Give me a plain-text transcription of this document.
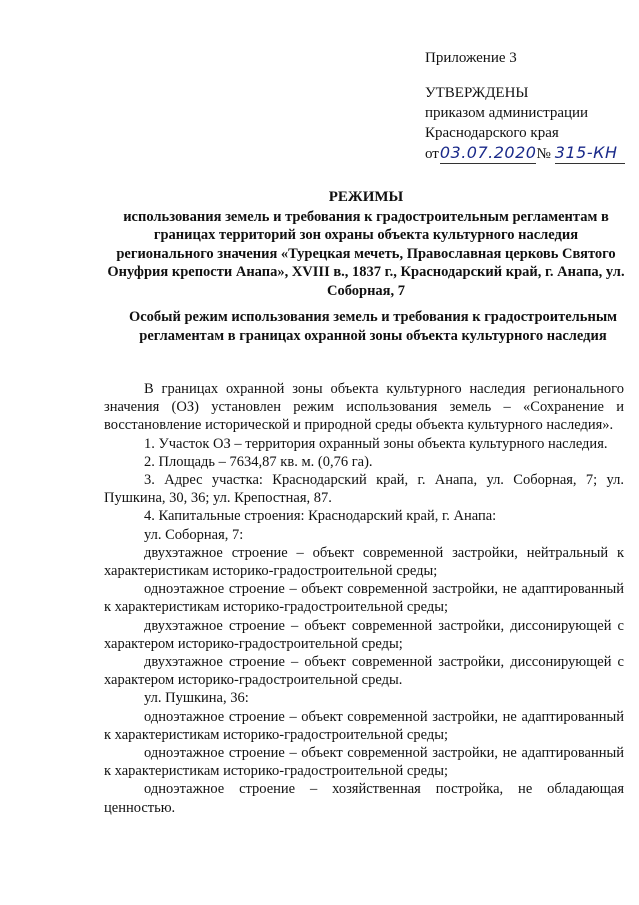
Приложение 3
УТВЕРЖДЕНЫ
приказом администрации
Краснодарского края
от03.07.2020№ 315-КН
РЕЖИМЫ
использования земель и требования к градостроительным регламентам в границах территорий зон охраны объекта культурного наследия регионального значения «Турецкая мечеть, Православная церковь Святого Онуфрия крепости Анапа», XVIII в., 1837 г., Краснодарский край, г. Анапа, ул. Соборная, 7
Особый режим использования земель и требования к градостроительным регламентам в границах охранной зоны объекта культурного наследия

В границах охранной зоны объекта культурного наследия регионального значения (ОЗ) установлен режим использования земель – «Сохранение и восстановление исторической и природной среды объекта культурного наследия».

1. Участок ОЗ – территория охранный зоны объекта культурного наследия.

2. Площадь – 7634,87 кв. м. (0,76 га).

3. Адрес участка: Краснодарский край, г. Анапа, ул. Соборная, 7; ул. Пушкина, 30, 36; ул. Крепостная, 87.

4. Капитальные строения: Краснодарский край, г. Анапа:

ул. Соборная, 7:

двухэтажное строение – объект современной застройки, нейтральный к характеристикам историко-градостроительной среды;

одноэтажное строение – объект современной застройки, не адаптированный к характеристикам историко-градостроительной среды;

двухэтажное строение – объект современной застройки, диссонирующей с характером историко-градостроительной среды;

двухэтажное строение – объект современной застройки, диссонирующей с характером историко-градостроительной среды.

ул. Пушкина, 36:

одноэтажное строение – объект современной застройки, не адаптированный к характеристикам историко-градостроительной среды;

одноэтажное строение – объект современной застройки, не адаптированный к характеристикам историко-градостроительной среды;

одноэтажное строение – хозяйственная постройка, не обладающая ценностью.
